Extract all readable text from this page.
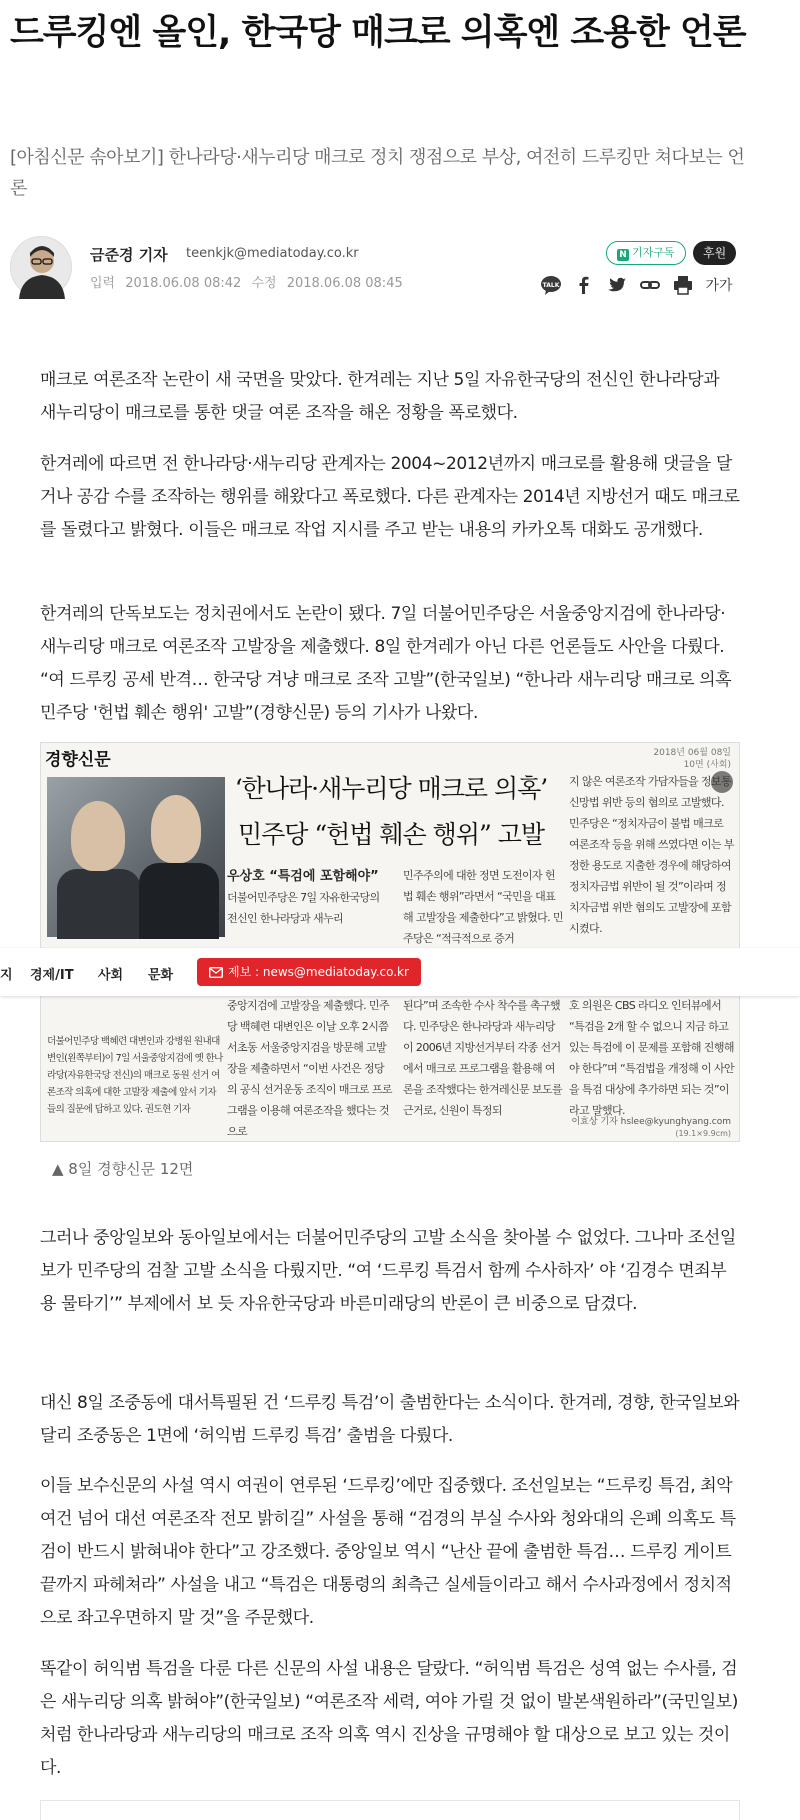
드루킹엔 올인, 한국당 매크로 의혹엔 조용한 언론

[아침신문 솎아보기] 한나라당·새누리당 매크로 정치 쟁점으로 부상, 여전히 드루킹만 쳐다보는 언론

금준경 기자 teenkjk@mediatoday.co.kr
입력 2018.06.08 08:42 수정 2018.06.08 08:45
N 기자구독	후원
TALK	가가

매크로 여론조작 논란이 새 국면을 맞았다. 한겨레는 지난 5일 자유한국당의 전신인 한나라당과 새누리당이 매크로를 통한 댓글 여론 조작을 해온 정황을 폭로했다.

한겨레에 따르면 전 한나라당·새누리당 관계자는 2004~2012년까지 매크로를 활용해 댓글을 달거나 공감 수를 조작하는 행위를 해왔다고 폭로했다. 다른 관계자는 2014년 지방선거 때도 매크로를 돌렸다고 밝혔다. 이들은 매크로 작업 지시를 주고 받는 내용의 카카오톡 대화도 공개했다.

한겨레의 단독보도는 정치권에서도 논란이 됐다. 7일 더불어민주당은 서울중앙지검에 한나라당·새누리당 매크로 여론조작 고발장을 제출했다. 8일 한겨레가 아닌 다른 언론들도 사안을 다뤘다. “여 드루킹 공세 반격… 한국당 겨냥 매크로 조작 고발”(한국일보) “한나라 새누리당 매크로 의혹 민주당 '헌법 훼손 행위' 고발”(경향신문) 등의 기사가 나왔다.

경향신문	2018년 06월 08일
10면 (사회)
‘한나라·새누리당 매크로 의혹’
민주당 “헌법 훼손 행위” 고발
우상호 “특검에 포함해야”
더불어민주당은 7일 자유한국당의 전신인 한나라당과 새누리
민주주의에 대한 정면 도전이자 헌법 훼손 행위”라면서 “국민을 대표해 고발장을 제출한다”고 밝혔다. 민주당은 “적극적으로 증거
지 않은 여론조작 가담자들을 정보통신망법 위반 등의 혐의로 고발했다. 민주당은 “정치자금이 불법 매크로 여론조작 등을 위해 쓰였다면 이는 부정한 용도로 지출한 경우에 해당하여 정치자금법 위반이 될 것”이라며 정치자금법 위반 혐의도 고발장에 포함시켰다.
중앙지검에 고발장을 제출했다. 민주당 백혜련 대변인은 이날 오후 2시쯤 서초동 서울중앙지검을 방문해 고발장을 제출하면서 “이번 사건은 정당의 공식 선거운동 조직이 매크로 프로그램을 이용해 여론조작을 했다는 것으로
된다”며 조속한 수사 착수를 촉구했다. 민주당은 한나라당과 새누리당이 2006년 지방선거부터 각종 선거에서 매크로 프로그램을 활용해 여론을 조작했다는 한겨레신문 보도를 근거로, 신원이 특정되
호 의원은 CBS 라디오 인터뷰에서 “특검을 2개 할 수 없으니 지금 하고 있는 특검에 이 문제를 포함해 진행해야 한다”며 “특검법을 개정해 이 사안을 특검 대상에 추가하면 되는 것”이라고 말했다.
더불어민주당 백혜련 대변인과 강병원 원내대변인(왼쪽부터)이 7일 서울중앙지검에 옛 한나라당(자유한국당 전신)의 매크로 동원 선거 여론조작 의혹에 대한 고발장 제출에 앞서 기자들의 질문에 답하고 있다. 권도현 기자
이효상 기자 hslee@kyunghyang.com
(19.1×9.9cm)
지 경제/IT 사회 문화	제보 : news@mediatoday.co.kr
▲ 8일 경향신문 12면

그러나 중앙일보와 동아일보에서는 더불어민주당의 고발 소식을 찾아볼 수 없었다. 그나마 조선일보가 민주당의 검찰 고발 소식을 다뤘지만. “여 ‘드루킹 특검서 함께 수사하자’ 야 ‘김경수 면죄부용 물타기’” 부제에서 보 듯 자유한국당과 바른미래당의 반론이 큰 비중으로 담겼다.

대신 8일 조중동에 대서특필된 건 ‘드루킹 특검’이 출범한다는 소식이다. 한겨레, 경향, 한국일보와 달리 조중동은 1면에 ‘허익범 드루킹 특검’ 출범을 다뤘다.

이들 보수신문의 사설 역시 여권이 연루된 ‘드루킹’에만 집중했다. 조선일보는 “드루킹 특검, 최악 여건 넘어 대선 여론조작 전모 밝히길” 사설을 통해 “검경의 부실 수사와 청와대의 은폐 의혹도 특검이 반드시 밝혀내야 한다”고 강조했다. 중앙일보 역시 “난산 끝에 출범한 특검… 드루킹 게이트 끝까지 파헤쳐라” 사설을 내고 “특검은 대통령의 최측근 실세들이라고 해서 수사과정에서 정치적으로 좌고우면하지 말 것”을 주문했다.

똑같이 허익범 특검을 다룬 다른 신문의 사설 내용은 달랐다. “허익범 특검은 성역 없는 수사를, 검은 새누리당 의혹 밝혀야”(한국일보) “여론조작 세력, 여야 가릴 것 없이 발본색원하라”(국민일보)처럼 한나라당과 새누리당의 매크로 조작 의혹 역시 진상을 규명해야 할 대상으로 보고 있는 것이다.
